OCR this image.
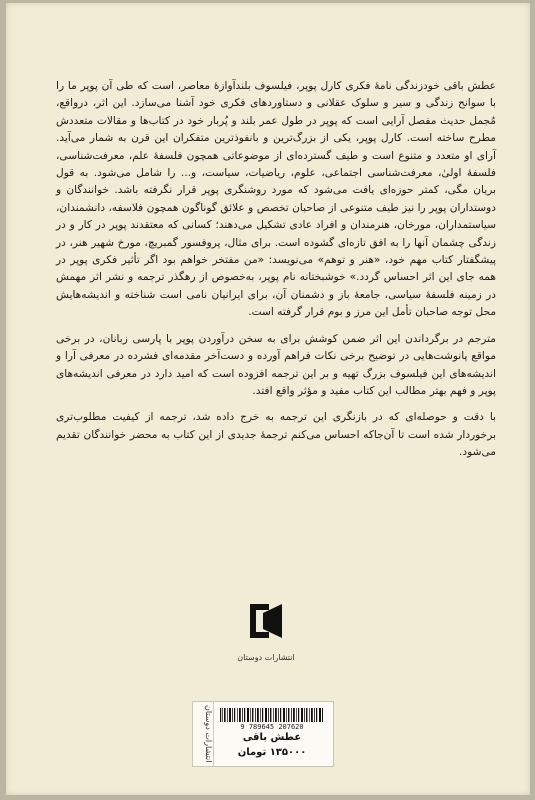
عطش باقی خودزندگی نامهٔ فکری کارل پوپر، فیلسوف بلندآوازهٔ معاصر، است که طی آن پوپر ما را با سوانح زندگی و سیر و سلوک عقلانی و دستاوردهای فکری خود آشنا می‌سازد. این اثر، درواقع، مُجمل حدیث مفصل آرایی است که پوپر در طول عمر بلند و پُربار خود در کتاب‌ها و مقالات متعددش مطرح ساخته است. کارل پوپر، یکی از بزرگ‌ترین و بانفوذترین متفکران این قرن به شمار می‌آید. آرای او متعدد و متنوع است و طیف گسترده‌ای از موضوعاتی همچون فلسفهٔ علم، معرفت‌شناسی، فلسفهٔ اولیٰ، معرفت‌شناسی اجتماعی، علوم، ریاضیات، سیاست، و... را شامل می‌شود. به قول بریان مگی، کمتر حوزه‌ای یافت می‌شود که مورد روشنگری پوپر قرار نگرفته باشد. خوانندگان و دوستداران پوپر را نیز طیف متنوعی از صاحبان تخصص و علائق گوناگون همچون فلاسفه، دانشمندان، سیاستمداران، مورخان، هنرمندان و افراد عادی تشکیل می‌دهند؛ کسانی که معتقدند پوپر در کار و در زندگی چشمان آنها را به افق تازه‌ای گشوده است. برای مثال، پروفسور گمبریچ، مورخ شهیر هنر، در پیشگفتار کتاب مهم خود، «هنر و توهم» می‌نویسد: «من مفتخر خواهم بود اگر تأثیر فکری پوپر در همه جای این اثر احساس گردد.» خوشبختانه نام پوپر، به‌خصوص از رهگذر ترجمه و نشر اثر مهمش در زمینه فلسفهٔ سیاسی، جامعهٔ باز و دشمنان آن، برای ایرانیان نامی است شناخته و اندیشه‌هایش محل توجه صاحبان تأمل این مرز و بوم قرار گرفته است.

مترجم در برگرداندن این اثر ضمن کوشش برای به سخن درآوردن پوپر با پارسی زبانان، در برخی مواقع پانوشت‌هایی در توضیح برخی نکات فراهم آورده و دست‌آخر مقدمه‌ای فشرده در معرفی آرا و اندیشه‌های این فیلسوف بزرگ تهیه و بر این ترجمه افزوده است که امید دارد در معرفی اندیشه‌های پوپر و فهم بهتر مطالب این کتاب مفید و مؤثر واقع افتد.

با دقت و حوصله‌ای که در بازنگری این ترجمه به خرج داده شد، ترجمه از کیفیت مطلوب‌تری برخوردار شده است تا آن‌جاکه احساس می‌کنم ترجمهٔ جدیدی از این کتاب به محضر خوانندگان تقدیم می‌شود.

انتشارات دوستان
انتشارات دوستان	9 789645 207620
عطش باقی
۱۳۵۰۰۰ تومان
